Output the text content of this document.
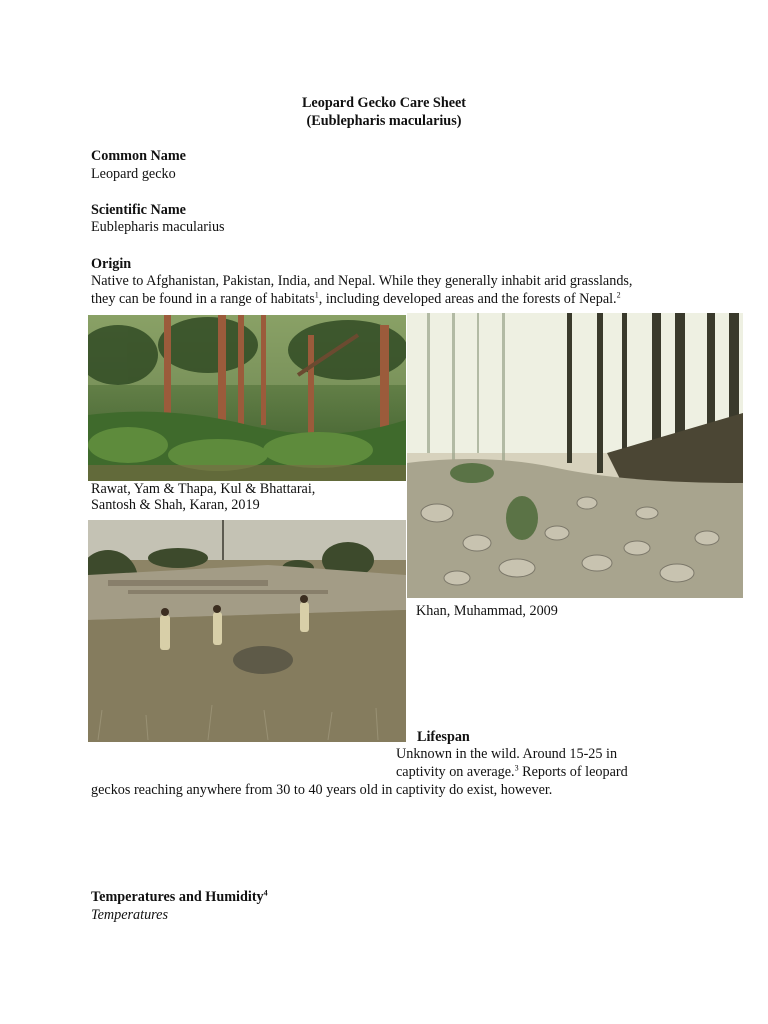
Leopard Gecko Care Sheet
(Eublepharis macularius)
Common Name
Leopard gecko
Scientific Name
Eublepharis macularius
Origin
Native to Afghanistan, Pakistan, India, and Nepal. While they generally inhabit arid grasslands,
they can be found in a range of habitats$^1$, including developed areas and the forests of Nepal.$^2$
Rawat, Yam & Thapa, Kul & Bhattarai,
Santosh & Shah, Karan, 2019
Khan, Muhammad, 2009
Lifespan
Unknown in the wild. Around 15-25 in
captivity on average.$^3$ Reports of leopard
geckos reaching anywhere from 30 to 40 years old in captivity do exist, however.
Temperatures and Humidity$^4$
Temperatures
